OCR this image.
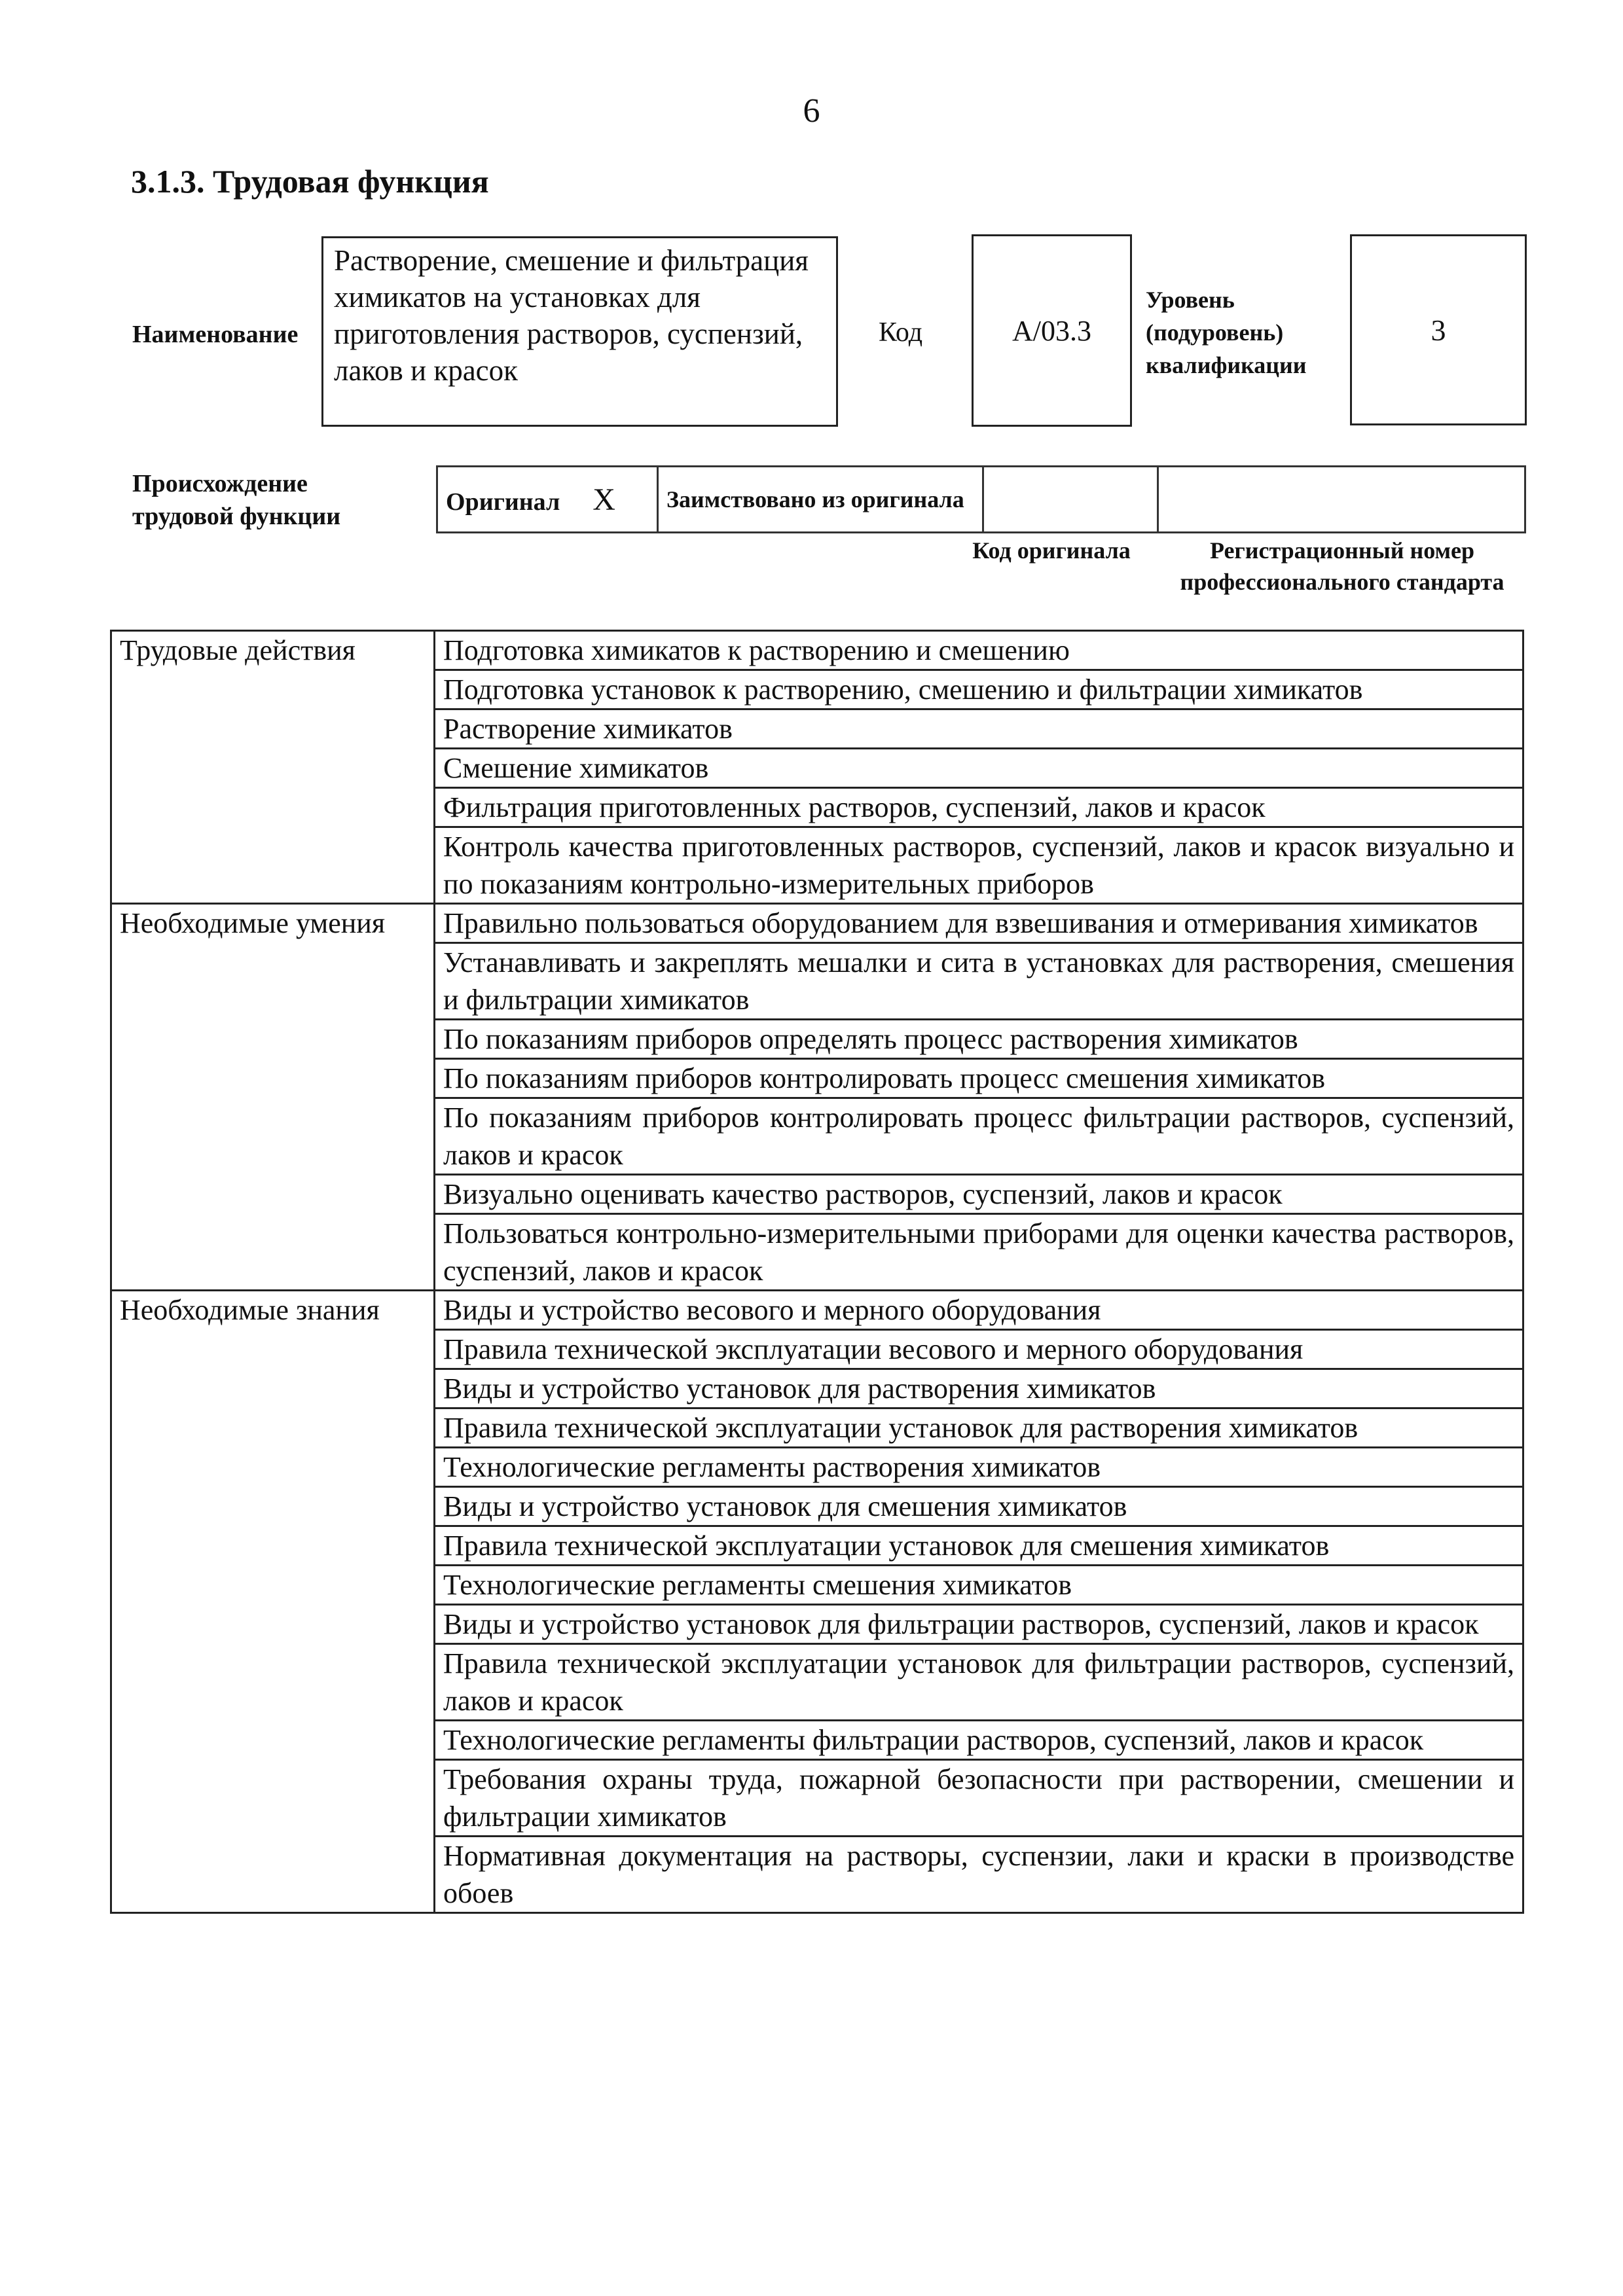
6
3.1.3. Трудовая функция
Наименование
Растворение, смешение и фильтрация химикатов на установках для приготовления растворов, суспензий, лаков и красок
Код	A/03.3
Уровень (подуровень) квалификации
3
Происхождение трудовой функции
Оригинал X	Заимствовано из оригинала		
Код оригинала	Регистрационный номер профессионального стандарта
Трудовые действия	Подготовка химикатов к растворению и смешению
	Подготовка установок к растворению, смешению и фильтрации химикатов
	Растворение химикатов
	Смешение химикатов
	Фильтрация приготовленных растворов, суспензий, лаков и красок
	Контроль качества приготовленных растворов, суспензий, лаков и красок визуально и по показаниям контрольно-измерительных приборов
Необходимые умения	Правильно пользоваться оборудованием для взвешивания и отмеривания химикатов
	Устанавливать и закреплять мешалки и сита в установках для растворения, смешения и фильтрации химикатов
	По показаниям приборов определять процесс растворения химикатов
	По показаниям приборов контролировать процесс смешения химикатов
	По показаниям приборов контролировать процесс фильтрации растворов, суспензий, лаков и красок
	Визуально оценивать качество растворов, суспензий, лаков и красок
	Пользоваться контрольно-измерительными приборами для оценки качества растворов, суспензий, лаков и красок
Необходимые знания	Виды и устройство весового и мерного оборудования
	Правила технической эксплуатации весового и мерного оборудования
	Виды и устройство установок для растворения химикатов
	Правила технической эксплуатации установок для растворения химикатов
	Технологические регламенты растворения химикатов
	Виды и устройство установок для смешения химикатов
	Правила технической эксплуатации установок для смешения химикатов
	Технологические регламенты смешения химикатов
	Виды и устройство установок для фильтрации растворов, суспензий, лаков и красок
	Правила технической эксплуатации установок для фильтрации растворов, суспензий, лаков и красок
	Технологические регламенты фильтрации растворов, суспензий, лаков и красок
	Требования охраны труда, пожарной безопасности при растворении, смешении и фильтрации химикатов
	Нормативная документация на растворы, суспензии, лаки и краски в производстве обоев
